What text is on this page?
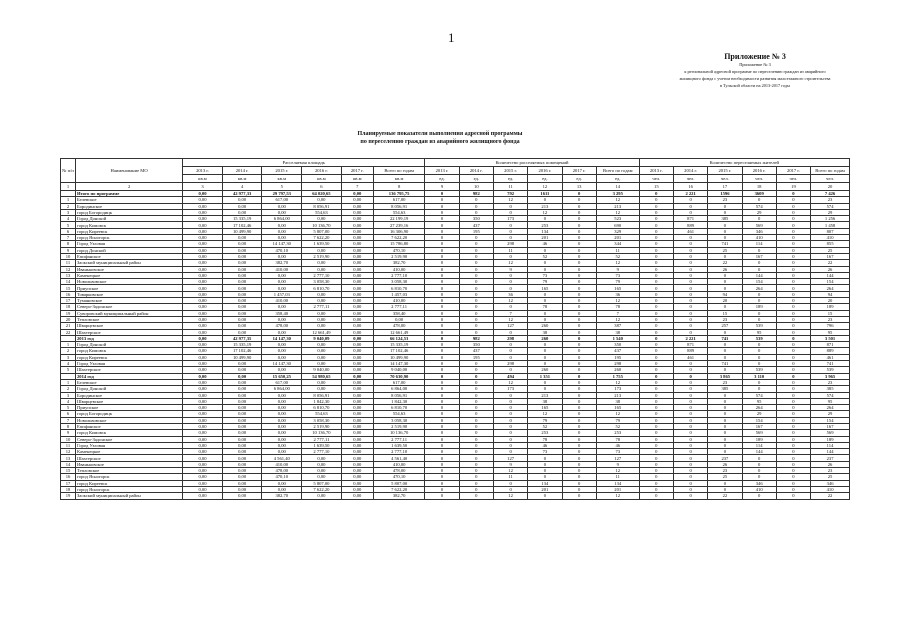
1
Приложение № 3
Приложение № 3
к региональной адресной программе по переселению граждан из аварийного
жилищного фонда с учетом необходимости развития малоэтажного строительства
в Тульской области на 2013-2017 годы
Планируемые показатели выполнения адресной программы
по переселению граждан из аварийного жилищного фонда
№ п/п	Наименование МО	Расселяемая площадь						Количество расселяемых помещений						Количество переселяемых жителей					
		2013 г.	2014 г.	2015 г.	2016 г.	2017 г.	Всего по годам	2013 г.	2014 г.	2015 г.	2016 г.	2017 г.	Всего по годам	2013 г.	2014 г.	2015 г.	2016 г.	2017 г.	Всего по годам
		кв.м	кв.м	кв.м	кв.м	кв.м	кв.м	ед.	ед.	ед.	ед.	ед.	ед.	чел.	чел.	чел.	чел.	чел.	чел.
1	2	3	4	5	6	7	8	9	10	11	12	13	14	15	16	17	18	19	20
	Итого по программе	0,00	42 977,33	29 797,53	64 020,65	0,00	136 795,75	0	982	792	1611	0	3 295	0	2 221	1596	3609	0	7 426
1	Белевское	0,00	0,00	617,00	0,00	0,00	617,00	0	0	12	0	0	12	0	0	23	0	0	23
2	Бородинское	0,00	0,00	0,00	8 056,91	0,00	8 056,91	0	0	0	213	0	213	0	0	0	574	0	574
3	город Богородицк	0,00	0,00	0,00	554,63	0,00	554,63	0	0	0	12	0	12	0	0	0	29	0	29
4	Город Донской	0,00	15 335,19	6 864,00	0,00	0,00	22 199,19	0	350	173	0	0	523	0	871	385	0	0	1 256
5	город Кимовск	0,00	17 102,46	0,00	10 136,70	0,00	27 239,16	0	437	0	253	0	690	0	889	0	569	0	1 458
6	город Киреевск	0,00	10 499,90	0,00	5 807,00	0,00	16 306,90	0	195	0	134	0	329	0	461	0	346	0	807
7	город Ясногорск	0,00	0,00	0,00	7 622,20	0,00	7 622,20	0	0	0	201	0	201	0	0	0	410	0	410
8	Город Узловая	0,00	0,00	14 147,30	1 639,50	0,00	15 786,80	0	0	298	46	0	344	0	0	741	114	0	855
9	город Донской	0,00	0,00	470,10	0,00	0,00	470,10	0	0	11	0	0	11	0	0	25	0	0	25
10	Епифанское	0,00	0,00	0,00	2 519,90	0,00	2 519,90	0	0	0	52	0	52	0	0	0	167	0	167
11	Заокский муниципальный район	0,00	0,00	382,70	0,00	0,00	382,70	0	0	12	0	0	12	0	0	22	0	0	22
12	Иваньковское	0,00	0,00	410,00	0,00	0,00	410,00	0	0	9	0	0	9	0	0	26	0	0	26
13	Каменецкое	0,00	0,00	0,00	2 777,10	0,00	2 777,10	0	0	0	73	0	73	0	0	0	144	0	144
14	Новольвовское	0,00	0,00	0,00	3 058,30	0,00	3 058,30	0	0	0	79	0	79	0	0	0	154	0	154
15	Приупское	0,00	0,00	0,00	6 810,70	0,00	6 810,70	0	0	0	165	0	165	0	0	0	264	0	264
16	Товарковское	0,00	0,00	1 457,03	0,00	0,00	1 457,03	0	0	36	0	0	36	0	0	94	0	0	94
17	Тумановское	0,00	0,00	410,00	0,00	0,00	410,00	0	0	12	0	0	12	0	0	20	0	0	20
18	Северо-Задонское	0,00	0,00	0,00	2 777,11	0,00	2 777,11	0	0	0	78	0	78	0	0	0	189	0	189
19	Суворовский муниципальный район	0,00	0,00	358,40	0,00	0,00	358,40	0	0	7	0	0	7	0	0	15	0	0	15
20	Тепловское	0,00	0,00	0,00	0,00	0,00	0,00	0	0	12	0	0	12	0	0	23	0	0	23
21	Шварцевское	0,00	0,00	478,00	0,00	0,00	478,00	0	0	127	260	0	387	0	0	257	539	0	796
22	Шахтерское	0,00	0,00	0,00	12 661,49	0,00	12 661,49	0	0	0	38	0	38	0	0	0	95	0	95
	2013 год	0,00	42 977,35	14 147,30	9 040,09	0,00	66 124,53	0	982	298	260	0	1 540	0	2 221	741	539	0	3 501
1	Город Донской	0,00	15 335,19	0,00	0,00	0,00	15 335,19	0	350	0	0	0	350	0	871	0	0	0	871
2	город Кимовск	0,00	17 102,46	0,00	0,00	0,00	17 102,46	0	437	0	0	0	437	0	889	0	0	0	889
3	город Киреевск	0,00	10 499,90	0,00	0,00	0,00	10 499,90	0	195	0	0	0	195	0	461	0	0	0	461
4	Город Узловая	0,00	0,00	14 147,30	0,00	0,00	14 147,30	0	0	298	0	0	298	0	0	741	0	0	741
5	Шахтерское	0,00	0,00	0,00	9 040,00	0,00	9 040,00	0	0	0	260	0	260	0	0	0	539	0	539
	2014 год	0,00	0,00	15 650,25	54 980,65	0,00	70 630,90	0	0	494	1 351	0	1 755	0	0	3 865	3 110	0	3 965
1	Белевское	0,00	0,00	617,00	0,00	0,00	617,00	0	0	12	0	0	12	0	0	23	0	0	23
2	Город Донской	0,00	0,00	6 864,00	0,00	0,00	6 864,00	0	0	173	0	0	173	0	0	385	0	0	385
3	Бородинское	0,00	0,00	0,00	8 056,91	0,00	8 056,91	0	0	0	213	0	213	0	0	0	574	0	574
4	Шварцевское	0,00	0,00	0,00	1 842,30	0,00	1 842,30	0	0	0	38	0	38	0	0	0	95	0	95
5	Приупское	0,00	0,00	0,00	6 810,70	0,00	6 810,70	0	0	0	165	0	165	0	0	0	264	0	264
6	город Богородицк	0,00	0,00	0,00	554,63	0,00	554,63	0	0	0	12	0	12	0	0	0	29	0	29
7	Новольвовское	0,00	0,00	0,00	3 058,30	0,00	3 058,30	0	0	0	79	0	79	0	0	0	154	0	154
8	Епифанское	0,00	0,00	0,00	2 519,90	0,00	2 519,90	0	0	0	52	0	52	0	0	0	167	0	167
9	город Кимовск	0,00	0,00	0,00	10 136,70	0,00	10 136,70	0	0	0	253	0	253	0	0	0	569	0	569
10	Северо-Задонское	0,00	0,00	0,00	2 777,11	0,00	2 777,11	0	0	0	78	0	78	0	0	0	189	0	189
11	Город Узловая	0,00	0,00	0,00	1 639,50	0,00	1 639,50	0	0	0	46	0	46	0	0	0	114	0	114
12	Каменецкое	0,00	0,00	0,00	2 777,10	0,00	2 777,10	0	0	0	73	0	73	0	0	0	144	0	144
13	Шахтерское	0,00	0,00	4 561,40	0,00	0,00	4 561,40	0	0	127	0	0	127	0	0	237	0	0	237
14	Иваньковское	0,00	0,00	410,00	0,00	0,00	410,00	0	0	9	0	0	9	0	0	26	0	0	26
15	Тепловское	0,00	0,00	478,00	0,00	0,00	478,00	0	0	12	0	0	12	0	0	23	0	0	23
16	город Ясногорск	0,00	0,00	470,10	0,00	0,00	470,10	0	0	11	0	0	11	0	0	25	0	0	25
17	город Киреевск	0,00	0,00	0,00	5 807,00	0,00	5 807,00	0	0	0	134	0	134	0	0	0	346	0	346
18	город Ясногорск	0,00	0,00	0,00	7 622,20	0,00	7 622,20	0	0	0	201	0	201	0	0	0	410	0	410
19	Заокский муниципальный район	0,00	0,00	382,70	0,00	0,00	382,70	0	0	12	0	0	12	0	0	22	0	0	22
